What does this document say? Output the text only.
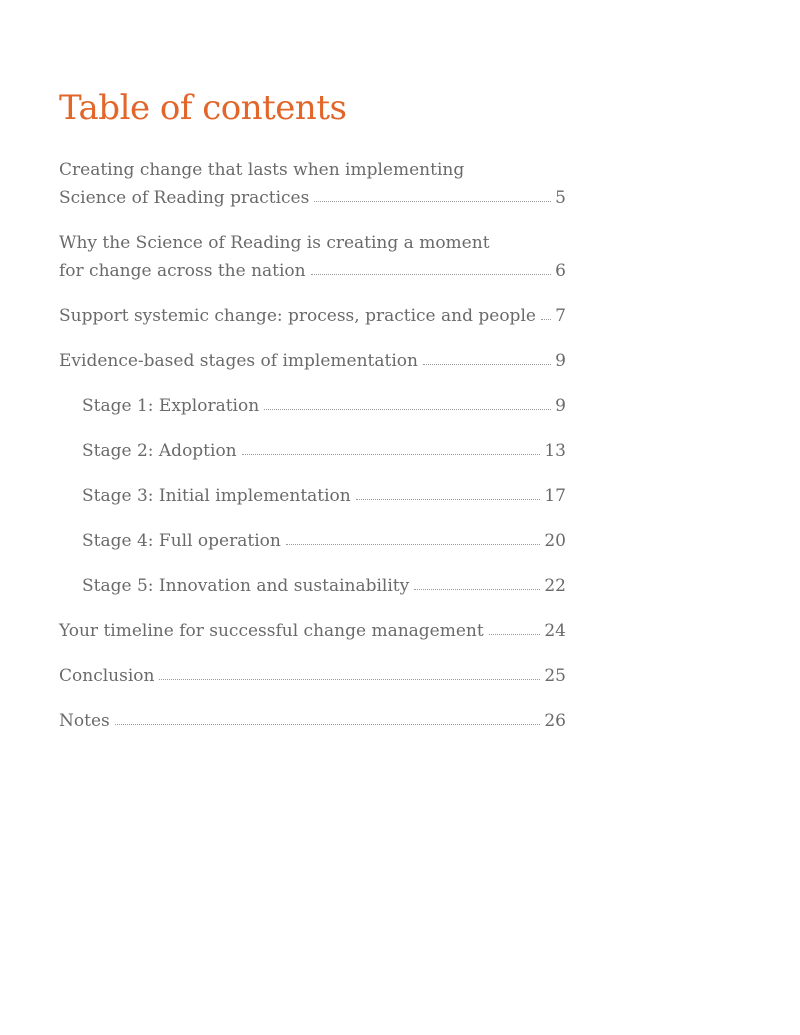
Table of contents
Creating change that lasts when implementing
Science of Reading practices	5
Why the Science of Reading is creating a moment
for change across the nation	6
Support systemic change: process, practice and people 7
Evidence-based stages of implementation	9
Stage 1: Exploration	9
Stage 2: Adoption	13
Stage 3: Initial implementation	17
Stage 4: Full operation	20
Stage 5: Innovation and sustainability	22
Your timeline for successful change management	24
Conclusion	25
Notes	26
